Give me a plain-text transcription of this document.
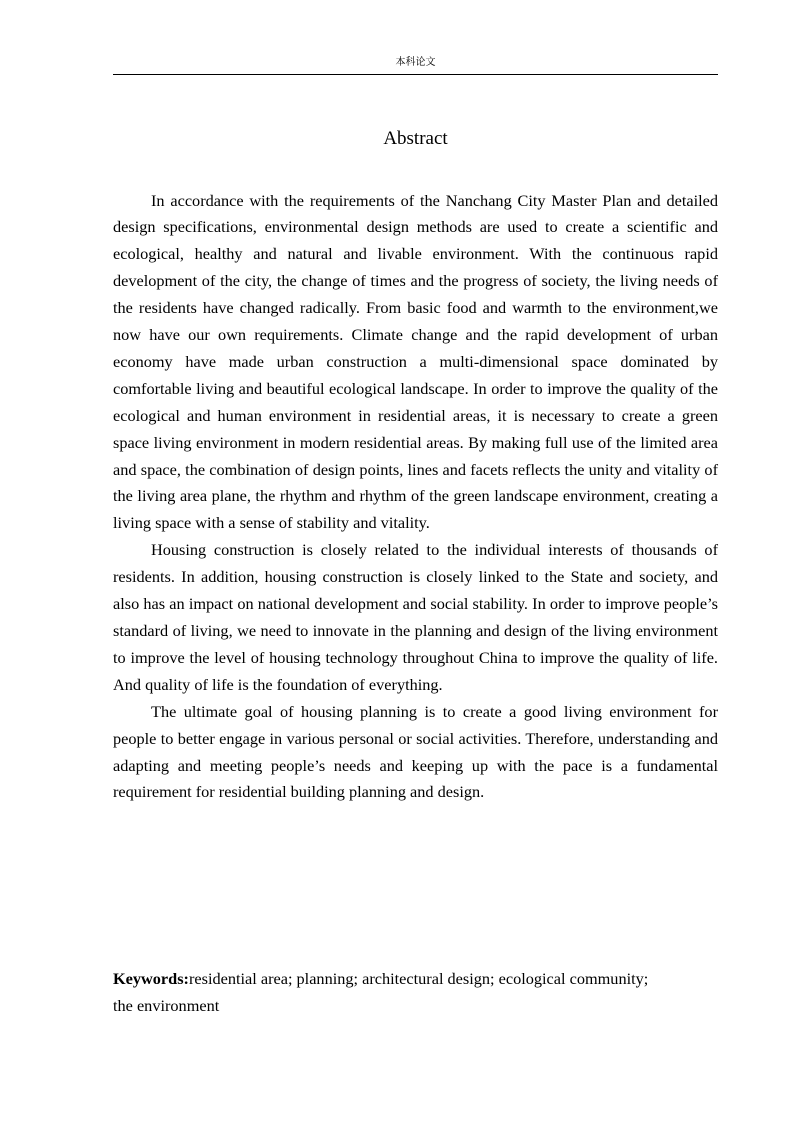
本科论文
Abstract

In accordance with the requirements of the Nanchang City Master Plan and detailed design specifications, environmental design methods are used to create a scientific and ecological, healthy and natural and livable environment. With the continuous rapid development of the city, the change of times and the progress of society, the living needs of the residents have changed radically. From basic food and warmth to the environment,we now have our own requirements. Climate change and the rapid development of urban economy have made urban construction a multi-dimensional space dominated by comfortable living and beautiful ecological landscape. In order to improve the quality of the ecological and human environment in residential areas, it is necessary to create a green space living environment in modern residential areas. By making full use of the limited area and space, the combination of design points, lines and facets reflects the unity and vitality of the living area plane, the rhythm and rhythm of the green landscape environment, creating a living space with a sense of stability and vitality.

Housing construction is closely related to the individual interests of thousands of residents. In addition, housing construction is closely linked to the State and society, and also has an impact on national development and social stability. In order to improve people’s standard of living, we need to innovate in the planning and design of the living environment to improve the level of housing technology throughout China to improve the quality of life. And quality of life is the foundation of everything.

The ultimate goal of housing planning is to create a good living environment for people to better engage in various personal or social activities. Therefore, understanding and adapting and meeting people’s needs and keeping up with the pace is a fundamental requirement for residential building planning and design.

Keywords:residential area; planning; architectural design; ecological community; the environment
